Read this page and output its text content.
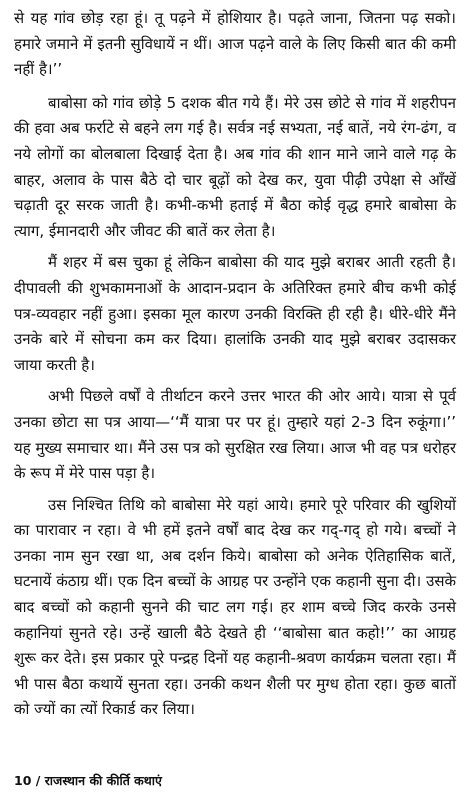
से यह गांव छोड़ रहा हूं। तू पढ़ने में होशियार है। पढ़ते जाना, जितना पढ़ सको। हमारे जमाने में इतनी सुविधायें न थीं। आज पढ़ने वाले के लिए किसी बात की कमी नहीं है।’’

बाबोसा को गांव छोड़े 5 दशक बीत गये हैं। मेरे उस छोटे से गांव में शहरीपन की हवा अब फर्राटे से बहने लग गई है। सर्वत्र नई सभ्यता, नई बातें, नये रंग-ढंग, व नये लोगों का बोलबाला दिखाई देता है। अब गांव की शान माने जाने वाले गढ़ के बाहर, अलाव के पास बैठे दो चार बूढ़ों को देख कर, युवा पीढ़ी उपेक्षा से आँखें चढ़ाती दूर सरक जाती है। कभी-कभी हताई में बैठा कोई वृद्ध हमारे बाबोसा के त्याग, ईमानदारी और जीवट की बातें कर लेता है।

मैं शहर में बस चुका हूं लेकिन बाबोसा की याद मुझे बराबर आती रहती है। दीपावली की शुभकामनाओं के आदान-प्रदान के अतिरिक्त हमारे बीच कभी कोई पत्र-व्यवहार नहीं हुआ। इसका मूल कारण उनकी विरक्ति ही रही है। धीरे-धीरे मैंने उनके बारे में सोचना कम कर दिया। हालांकि उनकी याद मुझे बराबर उदासकर जाया करती है।

अभी पिछले वर्षों वे तीर्थाटन करने उत्तर भारत की ओर आये। यात्रा से पूर्व उनका छोटा सा पत्र आया—‘‘मैं यात्रा पर पर हूं। तुम्हारे यहां 2-3 दिन रुकूंगा।’’ यह मुख्य समाचार था। मैंने उस पत्र को सुरक्षित रख लिया। आज भी वह पत्र धरोहर के रूप में मेरे पास पड़ा है।

उस निश्चित तिथि को बाबोसा मेरे यहां आये। हमारे पूरे परिवार की खुशियों का पारावार न रहा। वे भी हमें इतने वर्षों बाद देख कर गद्-गद् हो गये। बच्चों ने उनका नाम सुन रखा था, अब दर्शन किये। बाबोसा को अनेक ऐतिहासिक बातें, घटनायें कंठाग्र थीं। एक दिन बच्चों के आग्रह पर उन्होंने एक कहानी सुना दी। उसके बाद बच्चों को कहानी सुनने की चाट लग गई। हर शाम बच्चे जिद करके उनसे कहानियां सुनते रहे। उन्हें खाली बैठे देखते ही ‘‘बाबोसा बात कहो!’’ का आग्रह शुरू कर देते। इस प्रकार पूरे पन्द्रह दिनों यह कहानी-श्रवण कार्यक्रम चलता रहा। मैं भी पास बैठा कथायें सुनता रहा। उनकी कथन शैली पर मुग्ध होता रहा। कुछ बातों को ज्यों का त्यों रिकार्ड कर लिया।

10 / राजस्थान की कीर्ति कथाएं
